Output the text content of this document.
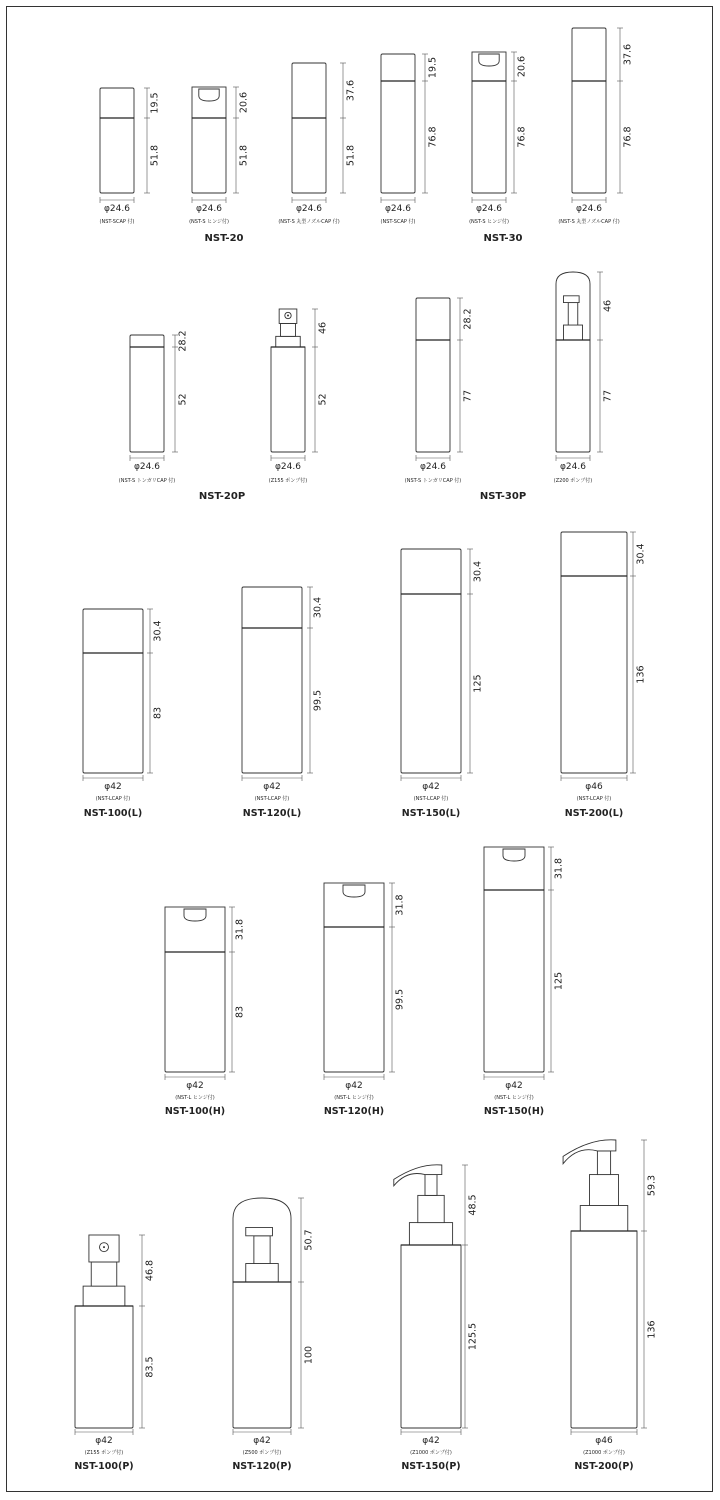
19.5
51.8
φ24.6
(NST-SCAP 付)
20.6
51.8
φ24.6
(NST-S ヒンジ付)
37.6
51.8
φ24.6
(NST-S 丸型ノズルCAP 付)
19.5
76.8
φ24.6
(NST-SCAP 付)
20.6
76.8
φ24.6
(NST-S ヒンジ付)
37.6
76.8
φ24.6
(NST-S 丸型ノズルCAP 付)
28.2
52
φ24.6
(NST-S トンガリCAP 付)
46
52
φ24.6
(Z155 ポンプ付)
28.2
77
φ24.6
(NST-S トンガリCAP 付)
46
77
φ24.6
(Z200 ポンプ付)
30.4
83
φ42
(NST-LCAP 付)
NST-100(L)
30.4
99.5
φ42
(NST-LCAP 付)
NST-120(L)
30.4
125
φ42
(NST-LCAP 付)
NST-150(L)
30.4
136
φ46
(NST-LCAP 付)
NST-200(L)
31.8
83
φ42
(NST-L ヒンジ付)
NST-100(H)
31.8
99.5
φ42
(NST-L ヒンジ付)
NST-120(H)
31.8
125
φ42
(NST-L ヒンジ付)
NST-150(H)
46.8
83.5
φ42
(Z155 ポンプ付)
NST-100(P)
50.7
100
φ42
(Z500 ポンプ付)
NST-120(P)
48.5
125.5
φ42
(Z1000 ポンプ付)
NST-150(P)
59.3
136
φ46
(Z1000 ポンプ付)
NST-200(P)
NST-20	NST-30
NST-20P	NST-30P
